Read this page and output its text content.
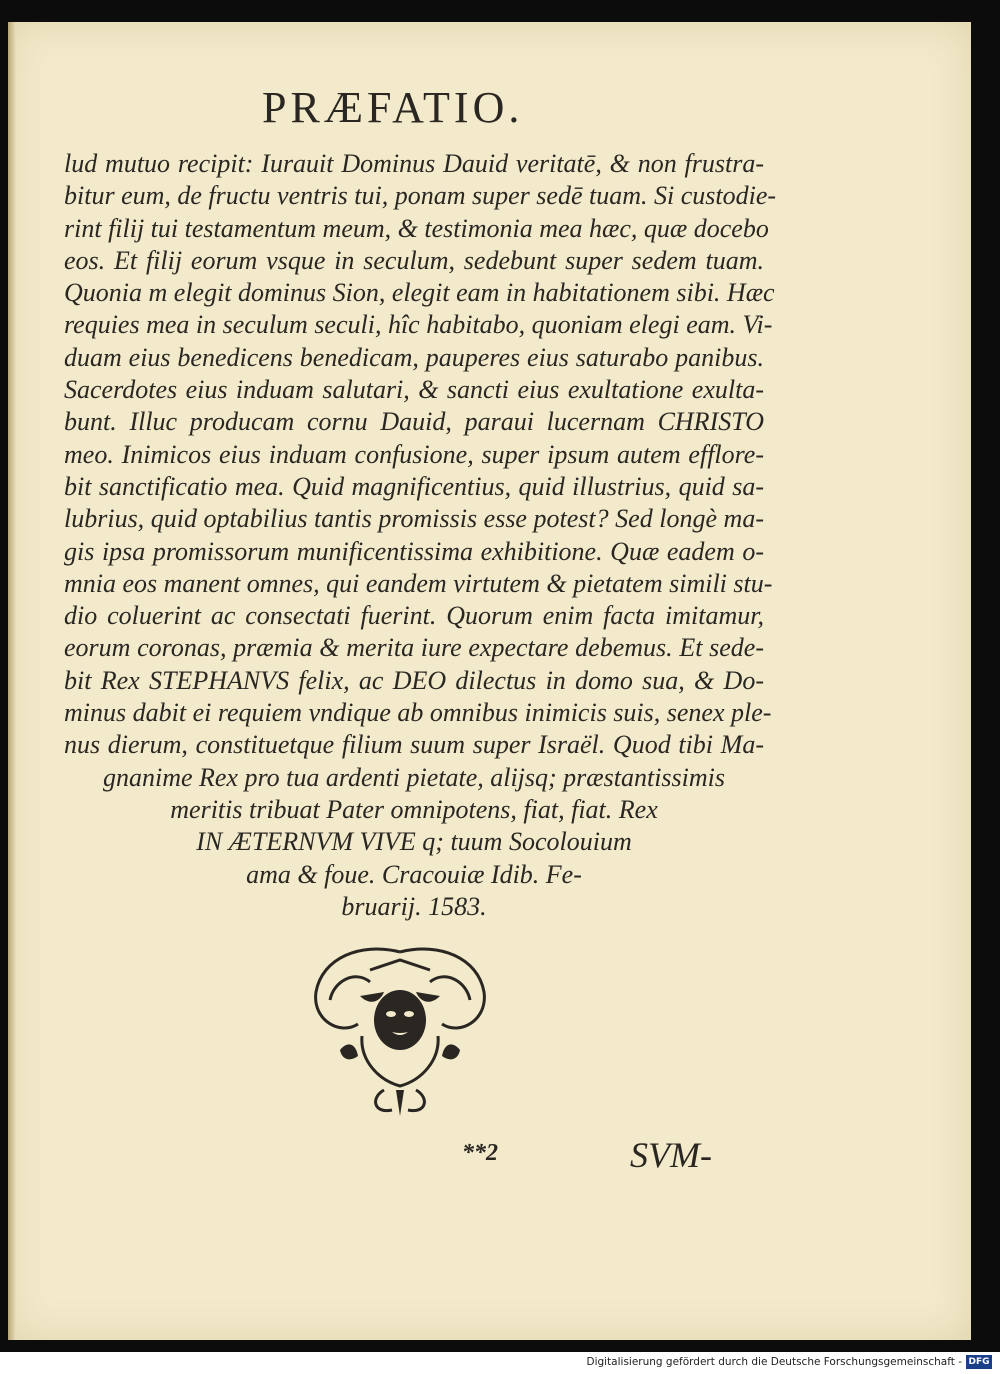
PRÆFATIO.
lud mutuo recipit: Iurauit Dominus Dauid veritatē, & non frustra-
bitur eum, de fructu ventris tui, ponam super sedē tuam. Si custodie-
rint filij tui testamentum meum, & testimonia mea hæc, quæ docebo
eos. Et filij eorum vsque in seculum, sedebunt super sedem tuam.
Quonia m elegit dominus Sion, elegit eam in habitationem sibi. Hæc
requies mea in seculum seculi, hîc habitabo, quoniam elegi eam. Vi-
duam eius benedicens benedicam, pauperes eius saturabo panibus.
Sacerdotes eius induam salutari, & sancti eius exultatione exulta-
bunt. Illuc producam cornu Dauid, paraui lucernam CHRISTO
meo. Inimicos eius induam confusione, super ipsum autem efflore-
bit sanctificatio mea. Quid magnificentius, quid illustrius, quid sa-
lubrius, quid optabilius tantis promissis esse potest? Sed longè ma-
gis ipsa promissorum munificentissima exhibitione. Quæ eadem o-
mnia eos manent omnes, qui eandem virtutem & pietatem simili stu-
dio coluerint ac consectati fuerint. Quorum enim facta imitamur,
eorum coronas, præmia & merita iure expectare debemus. Et sede-
bit Rex STEPHANVS felix, ac DEO dilectus in domo sua, & Do-
minus dabit ei requiem vndique ab omnibus inimicis suis, senex ple-
nus dierum, constituetque filium suum super Israël. Quod tibi Ma-
gnanime Rex pro tua ardenti pietate, alijsq; præstantissimis
meritis tribuat Pater omnipotens, fiat, fiat. Rex
IN ÆTERNVM VIVE q; tuum Socolouium
ama & foue. Cracouiæ Idib. Fe-
bruarij. 1583.
**2	SVM-
Digitalisierung gefördert durch die Deutsche Forschungsgemeinschaft - DFG
